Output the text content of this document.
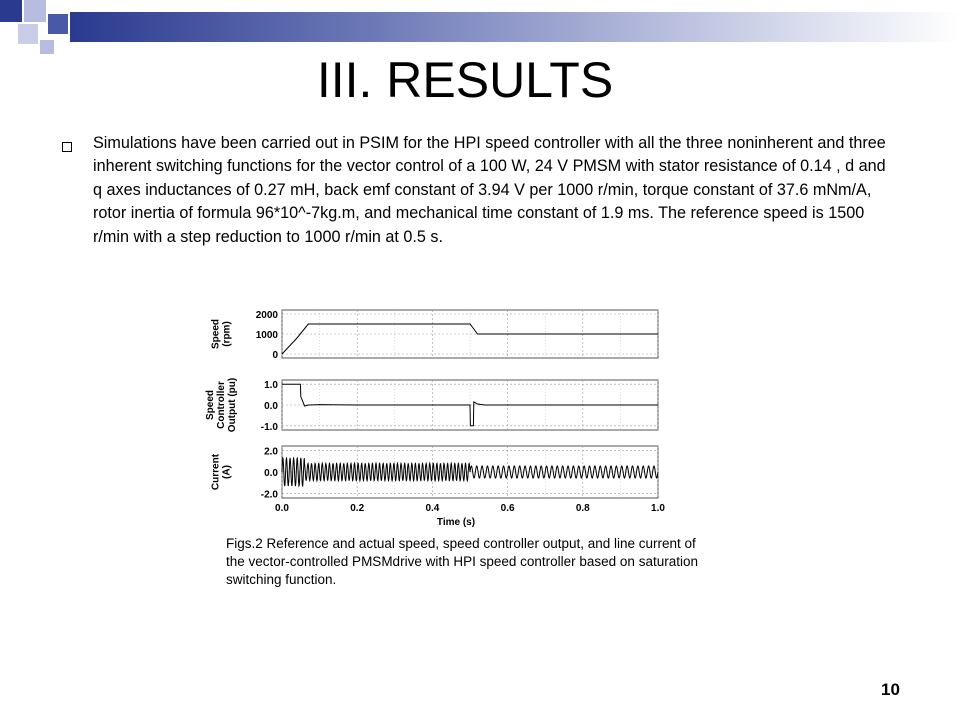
III. RESULTS
Simulations have been carried out in PSIM for the HPI speed controller with all the three noninherent and three inherent switching functions for the vector control of a 100 W, 24 V PMSM with stator resistance of 0.14 , d and q axes inductances of 0.27 mH, back emf constant of 3.94 V per 1000 r/min, torque constant of 37.6 mNm/A, rotor inertia of formula 96*10^-7kg.m, and mechanical time constant of 1.9 ms. The reference speed is 1500 r/min with a step reduction to 1000 r/min at 0.5 s.
0
1000
2000
Speed (rpm)
-1.0
0.0
1.0
Speed Controller Output (pu)
-2.0
0.0
2.0
Current (A)
0.0	0.2	0.4	0.6	0.8	1.0
Time (s)
Figs.2 Reference and actual speed, speed controller output, and line current of the vector-controlled PMSMdrive with HPI speed controller based on saturation switching function.
10
